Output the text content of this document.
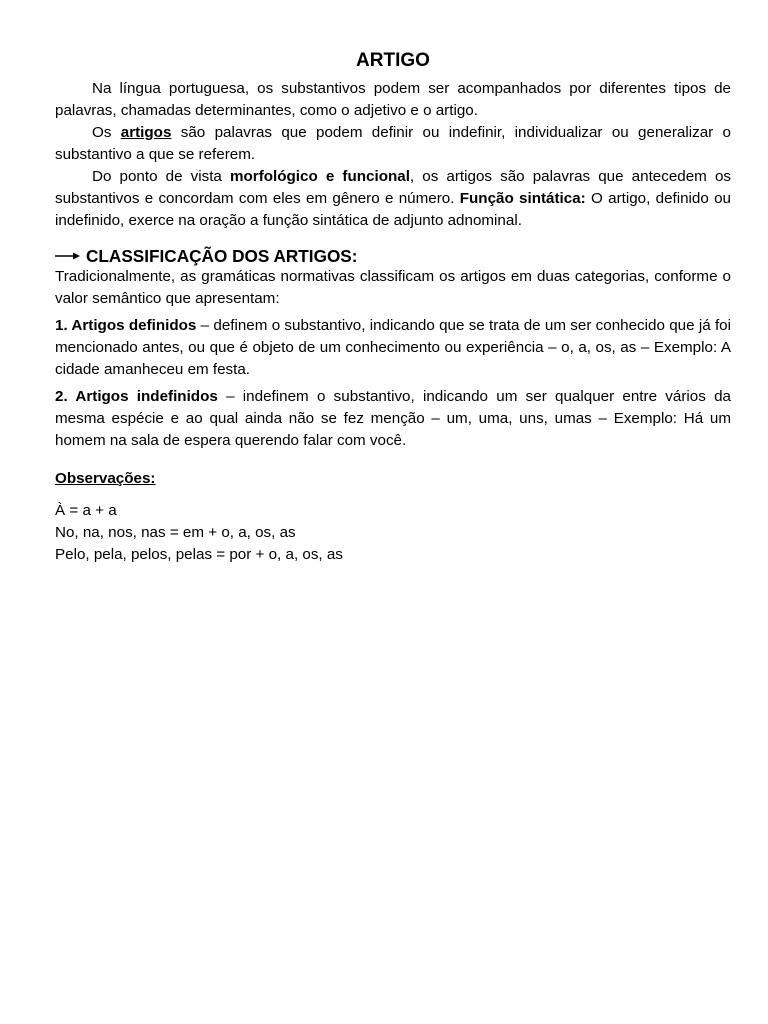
ARTIGO

Na língua portuguesa, os substantivos podem ser acompanhados por diferentes tipos de palavras, chamadas determinantes, como o adjetivo e o artigo.

Os artigos são palavras que podem definir ou indefinir, individualizar ou generalizar o substantivo a que se referem.

Do ponto de vista morfológico e funcional, os artigos são palavras que antecedem os substantivos e concordam com eles em gênero e número. Função sintática: O artigo, definido ou indefinido, exerce na oração a função sintática de adjunto adnominal.

CLASSIFICAÇÃO DOS ARTIGOS:

Tradicionalmente, as gramáticas normativas classificam os artigos em duas categorias, conforme o valor semântico que apresentam:

1. Artigos definidos – definem o substantivo, indicando que se trata de um ser conhecido que já foi mencionado antes, ou que é objeto de um conhecimento ou experiência – o, a, os, as – Exemplo: A cidade amanheceu em festa.

2. Artigos indefinidos – indefinem o substantivo, indicando um ser qualquer entre vários da mesma espécie e ao qual ainda não se fez menção – um, uma, uns, umas – Exemplo: Há um homem na sala de espera querendo falar com você.

Observações:

À = a + a

No, na, nos, nas = em + o, a, os, as

Pelo, pela, pelos, pelas = por + o, a, os, as
